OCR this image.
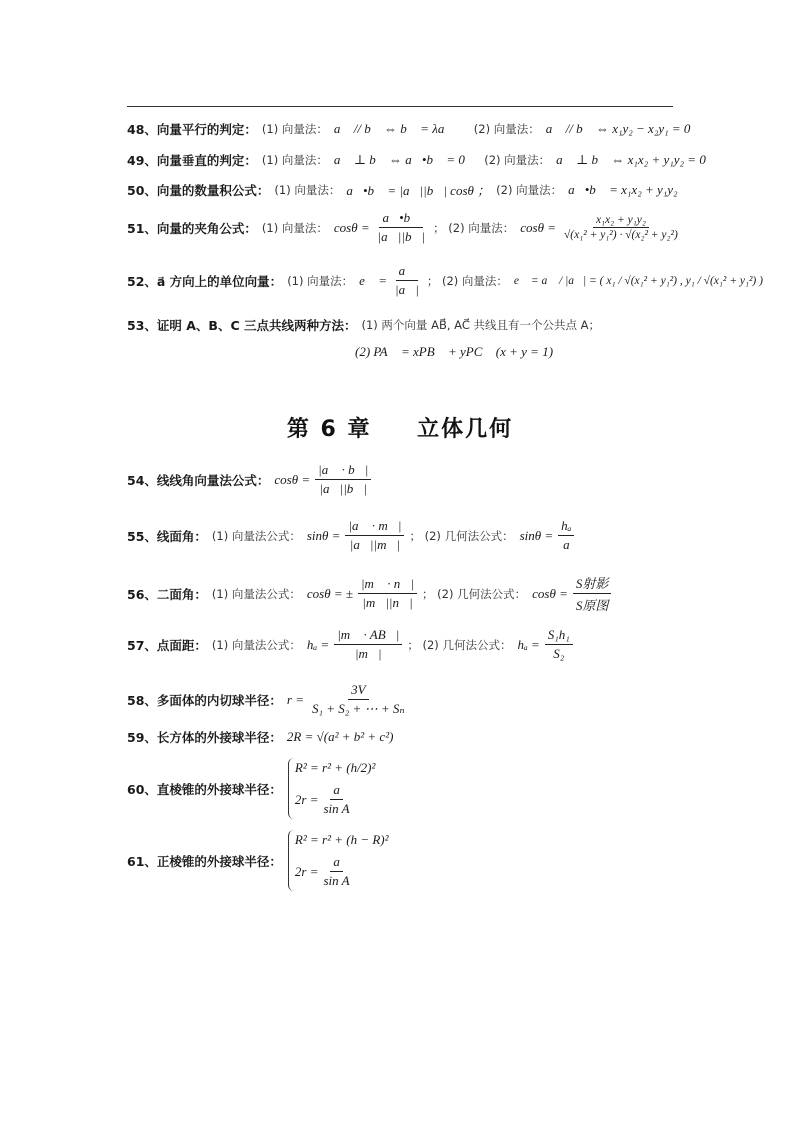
48、向量平行的判定： (1) 向量法： a⃗ // b⃗ ⇔ b⃗ = λa⃗ ； (2) 向量法： a⃗ // b⃗ ⇔ x₁y₂ − x₂y₁ = 0
49、向量垂直的判定： (1) 向量法： a⃗ ⊥ b⃗ ⇔ a⃗•b⃗ = 0 ； (2) 向量法： a⃗ ⊥ b⃗ ⇔ x₁x₂ + y₁y₂ = 0
50、向量的数量积公式： (1) 向量法： a⃗•b⃗ = |a⃗||b⃗| cosθ ； (2) 向量法： a⃗•b⃗ = x₁x₂ + y₁y₂
51、向量的夹角公式： (1) 向量法： $\cos\theta = \frac{a⃗•b⃗}{|a⃗||b⃗|}$ ； (2) 向量法： $\cos\theta = \frac{\text{x₁x₂ + y₁y₂}}{\text{√(x₁² + y₁²) · √(x₂² + y₂²)}}$
52、a⃗ 方向上的单位向量： (1) 向量法： e⃗ = $\frac{a⃗}{|a⃗|}$ ； (2) 向量法： e⃗ = a⃗ / |a⃗| = ( x₁ / √(x₁² + y₁²) , y₁ / √(x₁² + y₁²) )
53、证明 A、B、C 三点共线两种方法： (1) 两个向量 AB⃗, AC⃗ 共线且有一个公共点 A；
(2) PA⃗ = xPB⃗ + yPC⃗ (x + y = 1)
第 6 章 立体几何
54、线线角向量法公式： $\cos\theta = \frac{|a⃗ \cdot b⃗|}{|a⃗||b⃗|}$
55、线面角： (1) 向量法公式： $\sin\theta = \frac{|a⃗ \cdot m⃗|}{|a⃗||m⃗|}$ ； (2) 几何法公式： $\sin\theta = \frac{\text{hₐ}}{a}$
56、二面角： (1) 向量法公式： cosθ = ± $\frac{|m⃗ \cdot n⃗|}{|m⃗||n⃗|}$ ； (2) 几何法公式： $\cos\theta = \frac{\text{S射影}}{\text{S原图}}$
57、点面距： (1) 向量法公式： $h_a = \frac{|m⃗ \cdot AB⃗|}{|m⃗|}$ ； (2) 几何法公式： $h_a = \frac{\text{S₁h₁}}{\text{S₂}}$
58、多面体的内切球半径： $r = \frac{3V}{\text{S₁ + S₂ + ⋯ + Sₙ}}$
59、长方体的外接球半径： 2R = √(a² + b² + c²)
60、直棱锥的外接球半径：
R² = r² + (h/2)²
$2r = \frac{a}{\text{sin A}}$
61、正棱锥的外接球半径：
R² = r² + (h − R)²
$2r = \frac{a}{\text{sin A}}$
